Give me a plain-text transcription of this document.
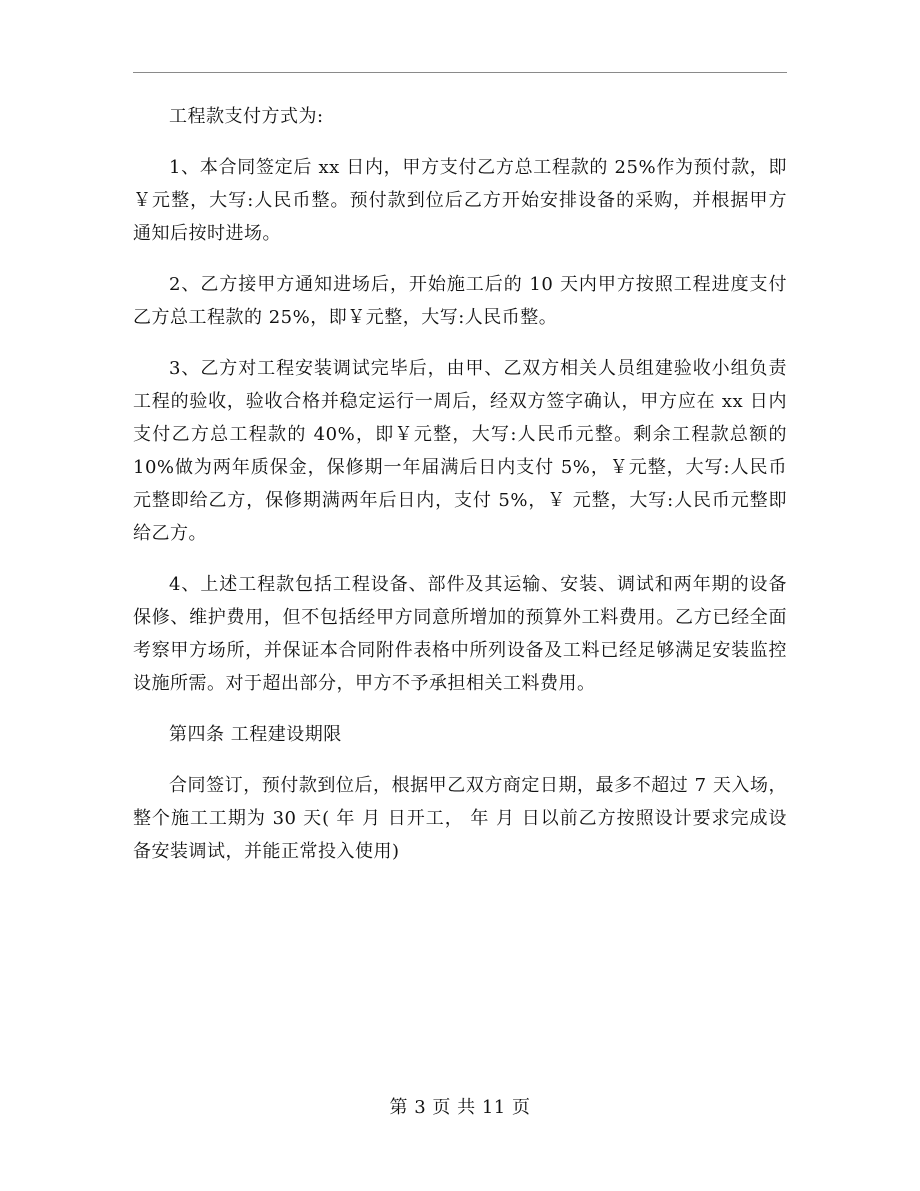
工程款支付方式为:

1、本合同签定后 xx 日内，甲方支付乙方总工程款的 25%作为预付款，即￥元整，大写:人民币整。预付款到位后乙方开始安排设备的采购，并根据甲方通知后按时进场。

2、乙方接甲方通知进场后，开始施工后的 10 天内甲方按照工程进度支付乙方总工程款的 25%，即￥元整，大写:人民币整。

3、乙方对工程安装调试完毕后，由甲、乙双方相关人员组建验收小组负责工程的验收，验收合格并稳定运行一周后，经双方签字确认，甲方应在 xx 日内支付乙方总工程款的 40%，即￥元整，大写:人民币元整。剩余工程款总额的 10%做为两年质保金，保修期一年届满后日内支付 5%，￥元整，大写:人民币元整即给乙方，保修期满两年后日内，支付 5%，￥ 元整，大写:人民币元整即给乙方。

4、上述工程款包括工程设备、部件及其运输、安装、调试和两年期的设备保修、维护费用，但不包括经甲方同意所增加的预算外工料费用。乙方已经全面考察甲方场所，并保证本合同附件表格中所列设备及工料已经足够满足安装监控设施所需。对于超出部分，甲方不予承担相关工料费用。

第四条 工程建设期限

合同签订，预付款到位后，根据甲乙双方商定日期，最多不超过 7 天入场，整个施工工期为 30 天( 年 月 日开工， 年 月 日以前乙方按照设计要求完成设备安装调试，并能正常投入使用)

第 3 页 共 11 页
